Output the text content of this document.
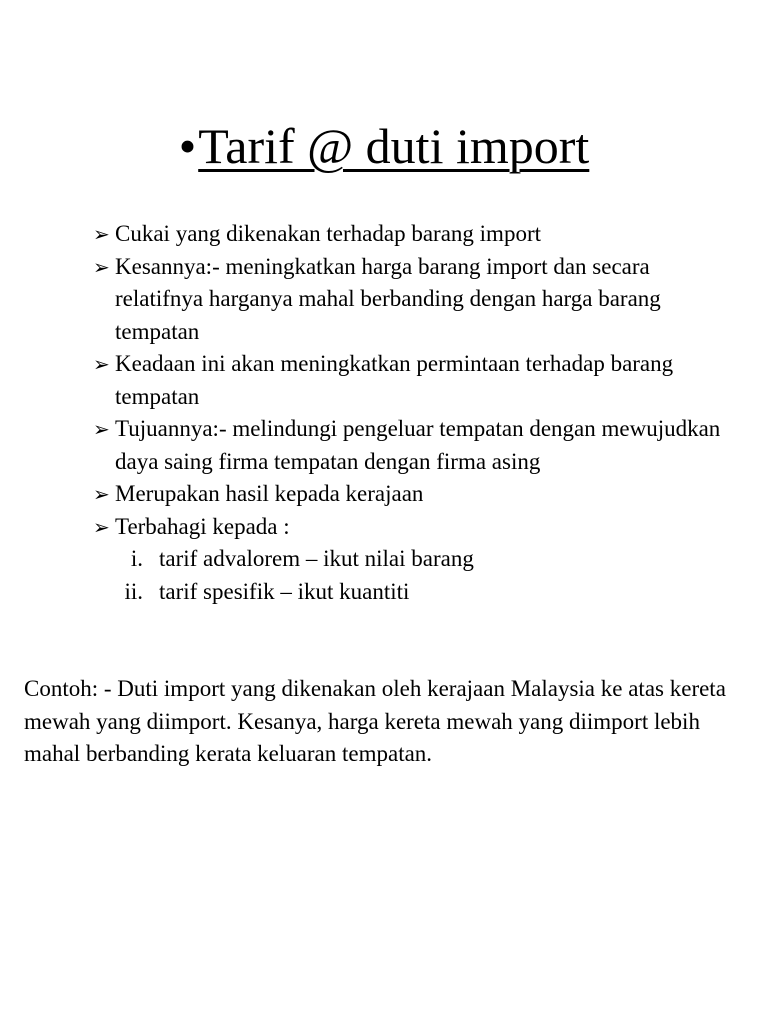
•Tarif @ duti import
➢ Cukai yang dikenakan terhadap barang import
➢ Kesannya:- meningkatkan harga barang import dan secara relatifnya harganya mahal berbanding dengan harga barang tempatan
➢ Keadaan ini akan meningkatkan permintaan terhadap barang tempatan
➢ Tujuannya:- melindungi pengeluar tempatan dengan mewujudkan daya saing firma tempatan dengan firma asing
➢ Merupakan hasil kepada kerajaan
➢ Terbahagi kepada :
i. tarif advalorem – ikut nilai barang
ii. tarif spesifik – ikut kuantiti

Contoh: - Duti import yang dikenakan oleh kerajaan Malaysia ke atas kereta mewah yang diimport. Kesanya, harga kereta mewah yang diimport lebih mahal berbanding kerata keluaran tempatan.
